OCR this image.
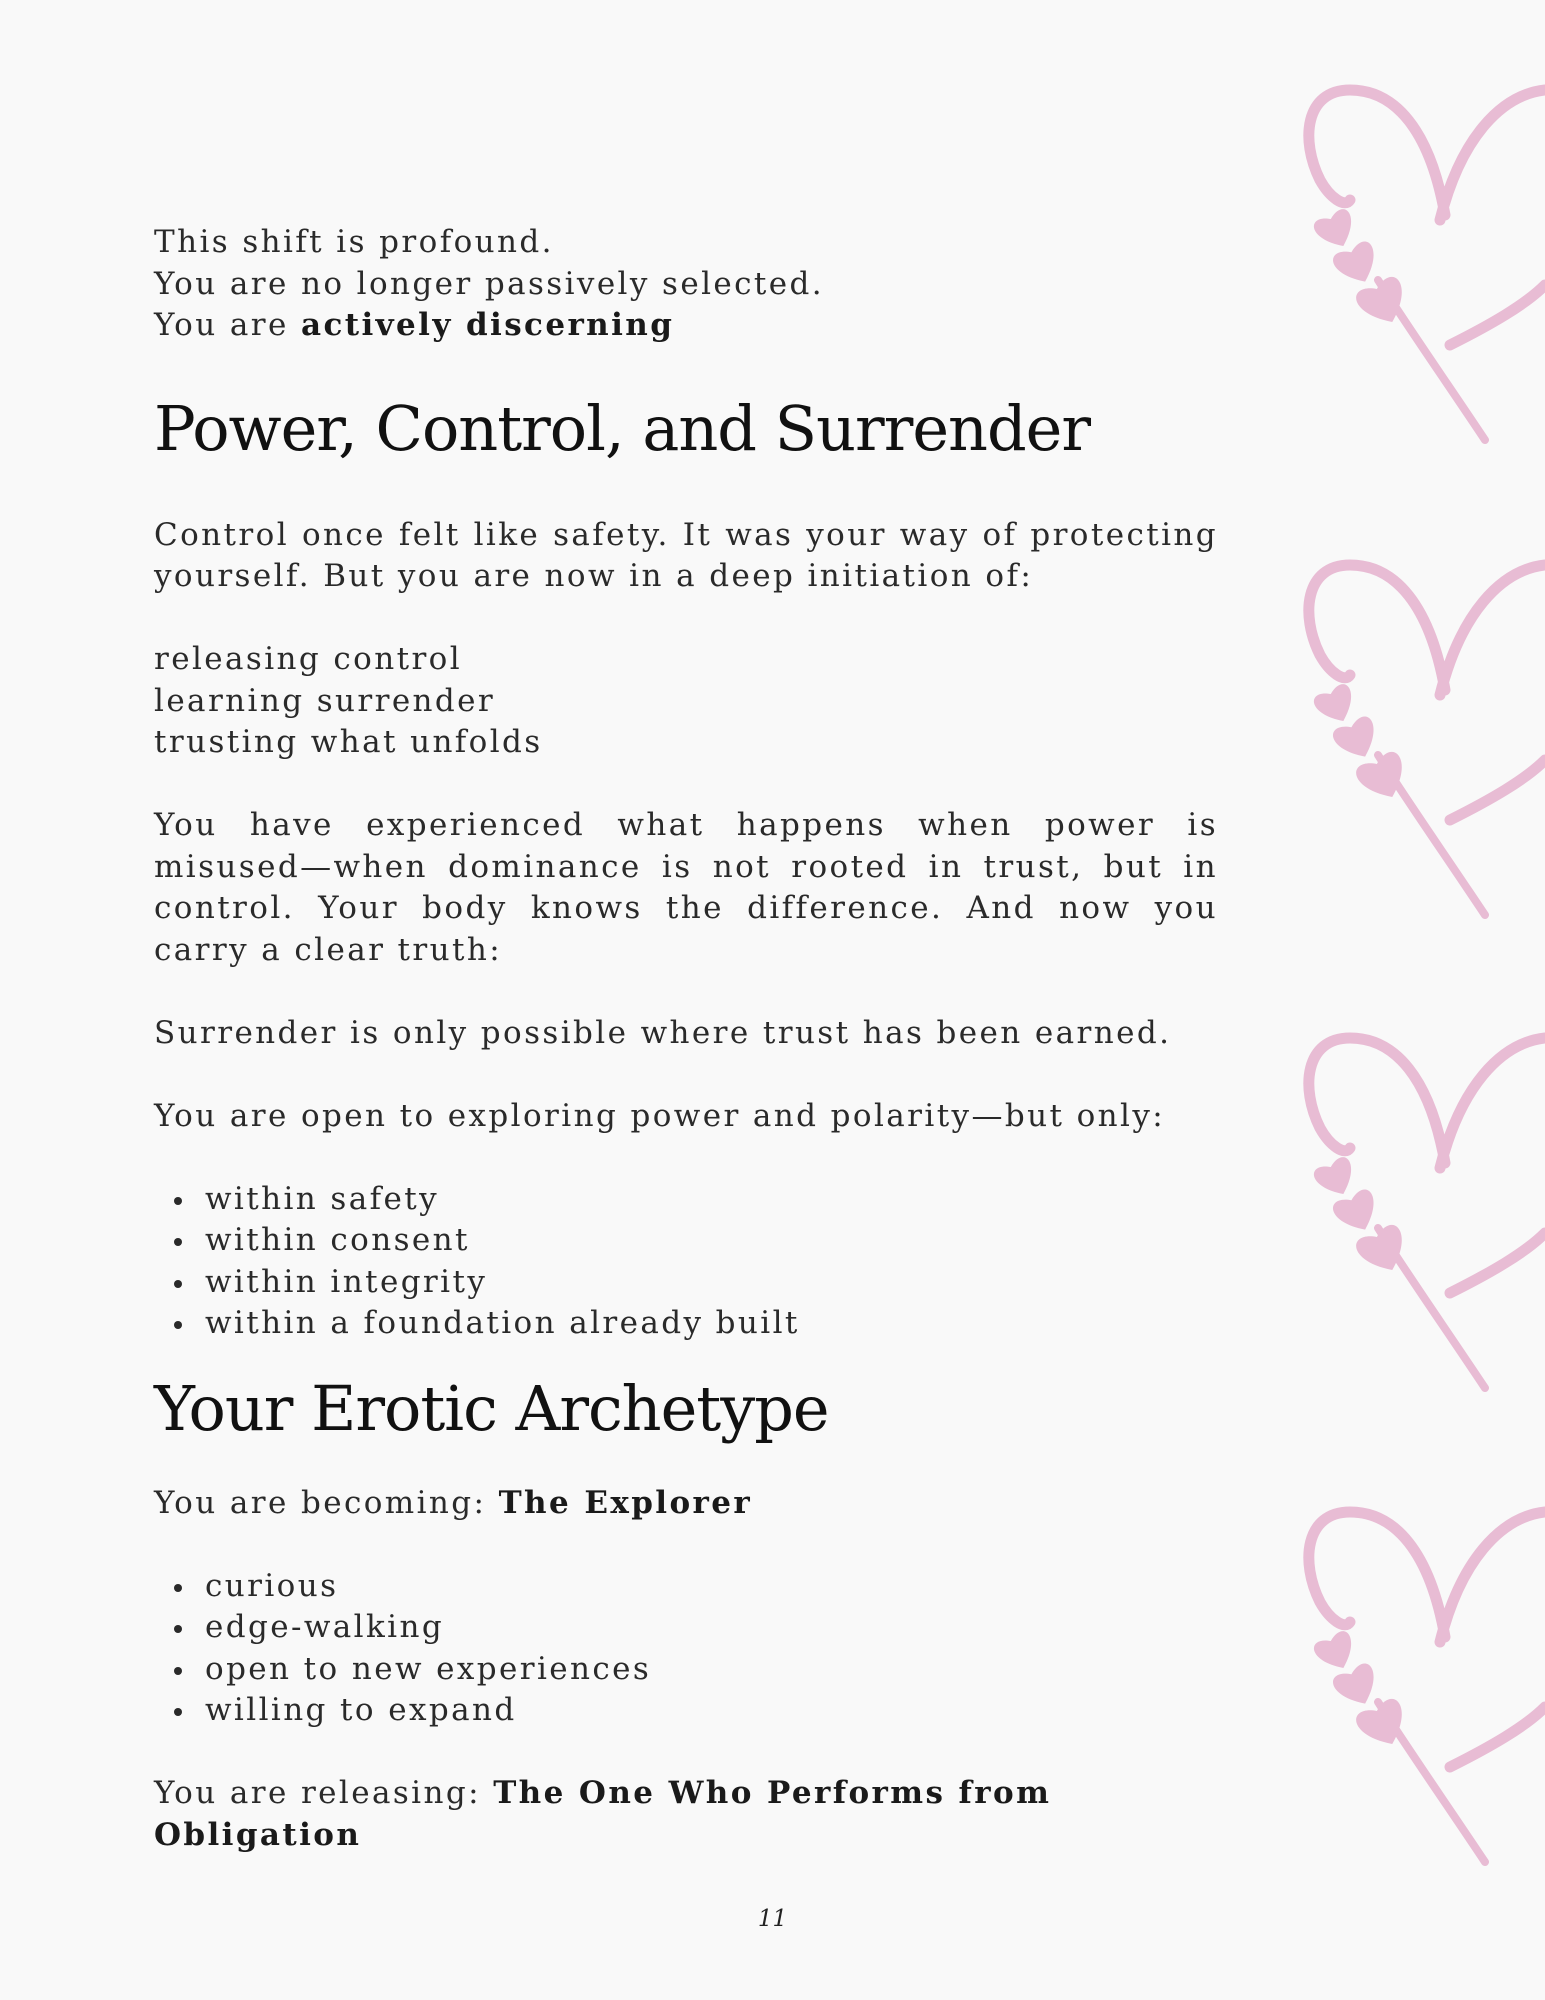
This shift is profound.

You are no longer passively selected.

You are actively discerning

Power, Control, and Surrender

Control once felt like safety. It was your way of protecting yourself. But you are now in a deep initiation of:

releasing control

learning surrender

trusting what unfolds

You have experienced what happens when power is misused—when dominance is not rooted in trust, but in control. Your body knows the difference. And now you carry a clear truth:

Surrender is only possible where trust has been earned.

You are open to exploring power and polarity—but only:

within safety
within consent
within integrity
within a foundation already built
Your Erotic Archetype

You are becoming: The Explorer

curious
edge-walking
open to new experiences
willing to expand

You are releasing: The One Who Performs from Obligation

11
